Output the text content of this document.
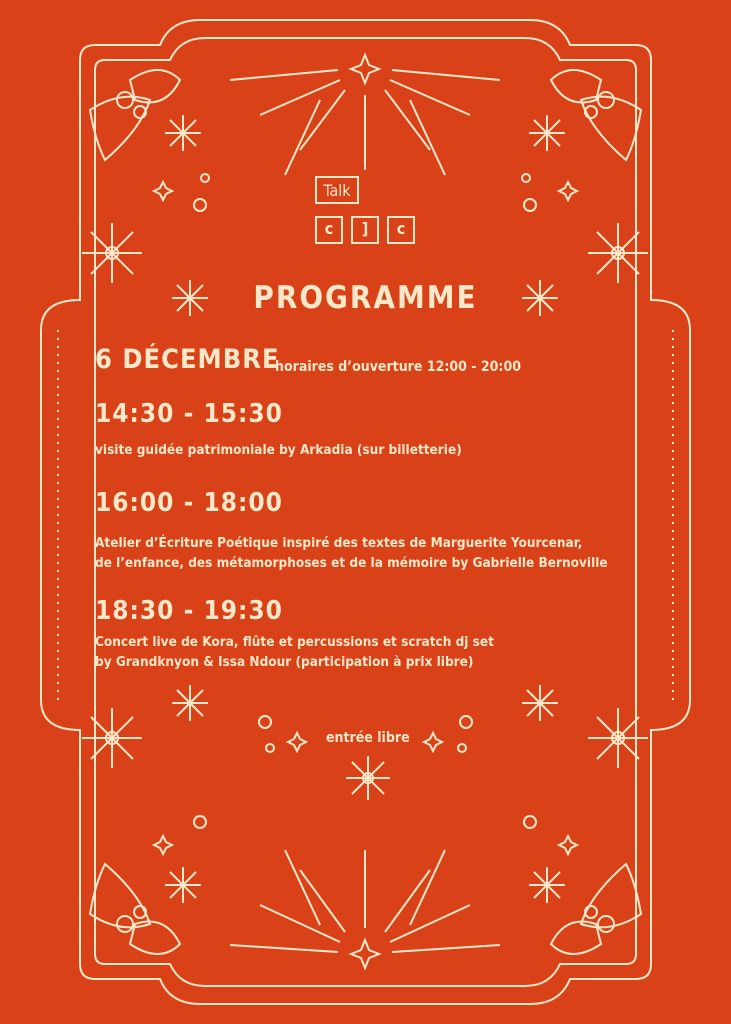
Talk
c	]	c
PROGRAMME
6 DÉCEMBRE
horaires d’ouverture 12:00 - 20:00
14:30 - 15:30
visite guidée patrimoniale by Arkadia (sur billetterie)
16:00 - 18:00
Atelier d’Écriture Poétique inspiré des textes de Marguerite Yourcenar,
de l’enfance, des métamorphoses et de la mémoire by Gabrielle Bernoville
18:30 - 19:30
Concert live de Kora, flûte et percussions et scratch dj set
by Grandknyon & Issa Ndour (participation à prix libre)
entrée libre
